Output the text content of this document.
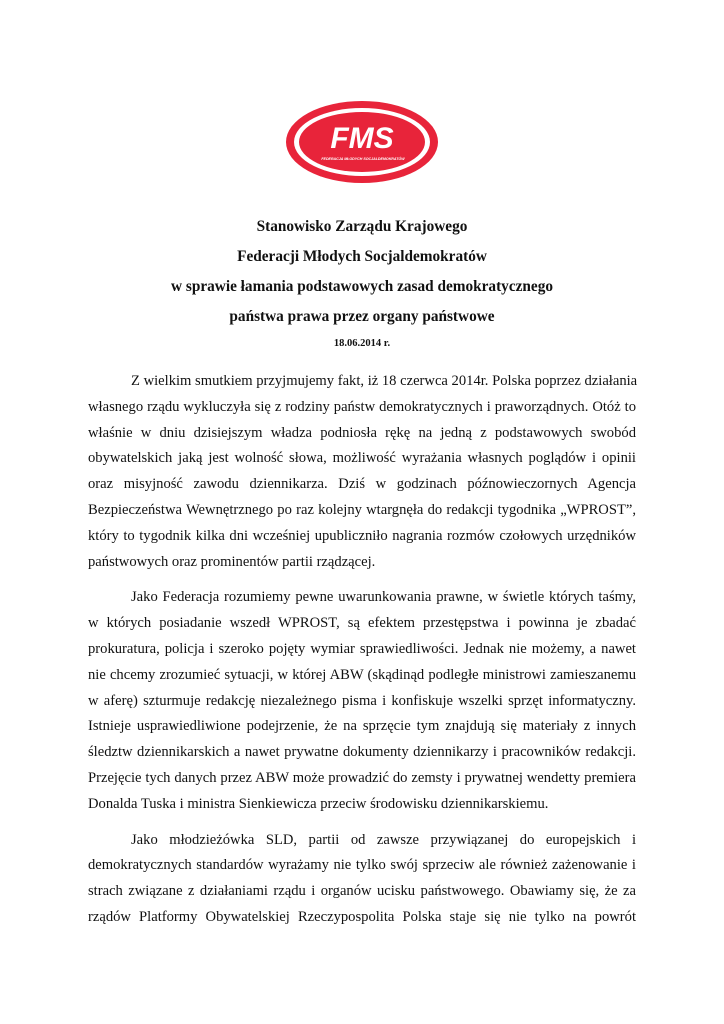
FMS
FEDERACJA MŁODYCH SOCJALDEMOKRATÓW
Stanowisko Zarządu Krajowego
Federacji Młodych Socjaldemokratów
w sprawie łamania podstawowych zasad demokratycznego
państwa prawa przez organy państwowe
18.06.2014 r.
Z wielkim smutkiem przyjmujemy fakt, iż 18 czerwca 2014r. Polska poprzez działania
własnego rządu wykluczyła się z rodziny państw demokratycznych i praworządnych. Otóż to
właśnie w dniu dzisiejszym władza podniosła rękę na jedną z podstawowych swobód
obywatelskich jaką jest wolność słowa, możliwość wyrażania własnych poglądów i opinii
oraz misyjność zawodu dziennikarza. Dziś w godzinach późnowieczornych Agencja
Bezpieczeństwa Wewnętrznego po raz kolejny wtargnęła do redakcji tygodnika „WPROST”,
który to tygodnik kilka dni wcześniej upubliczniło nagrania rozmów czołowych urzędników
państwowych oraz prominentów partii rządzącej.
Jako Federacja rozumiemy pewne uwarunkowania prawne, w świetle których taśmy,
w których posiadanie wszedł WPROST, są efektem przestępstwa i powinna je zbadać
prokuratura, policja i szeroko pojęty wymiar sprawiedliwości. Jednak nie możemy, a nawet
nie chcemy zrozumieć sytuacji, w której ABW (skądinąd podległe ministrowi zamieszanemu
w aferę) szturmuje redakcję niezależnego pisma i konfiskuje wszelki sprzęt informatyczny.
Istnieje usprawiedliwione podejrzenie, że na sprzęcie tym znajdują się materiały z innych
śledztw dziennikarskich a nawet prywatne dokumenty dziennikarzy i pracowników redakcji.
Przejęcie tych danych przez ABW może prowadzić do zemsty i prywatnej wendetty premiera
Donalda Tuska i ministra Sienkiewicza przeciw środowisku dziennikarskiemu.
Jako młodzieżówka SLD, partii od zawsze przywiązanej do europejskich i
demokratycznych standardów wyrażamy nie tylko swój sprzeciw ale również zażenowanie i
strach związane z działaniami rządu i organów ucisku państwowego. Obawiamy się, że za
rządów Platformy Obywatelskiej Rzeczypospolita Polska staje się nie tylko na powrót
